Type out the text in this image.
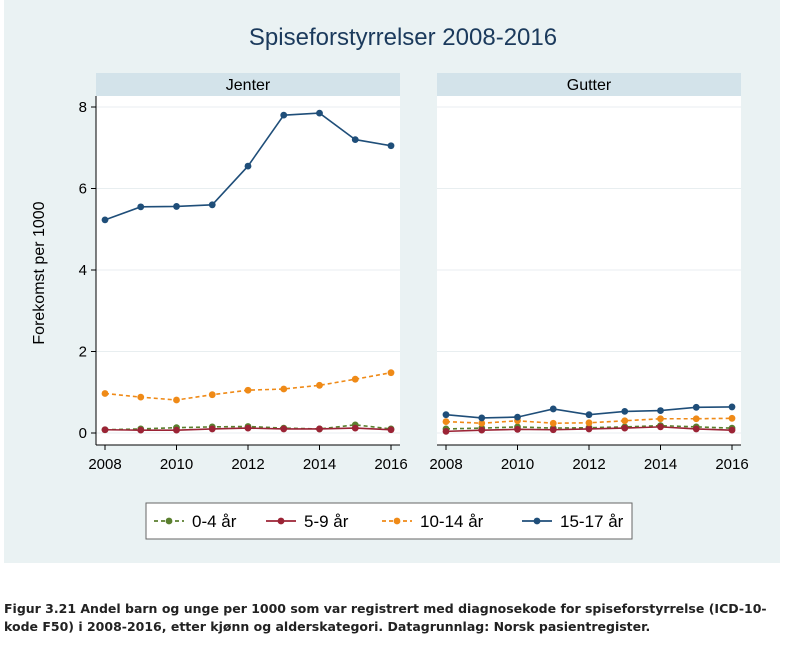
Spiseforstyrrelser 2008-2016
Forekomst per 1000
Jenter
0
2
4
6
8
2008	2010	2012	2014	2016
Gutter
2008	2010	2012	2014	2016
0-4 år	5-9 år	10-14 år	15-17 år
Figur 3.21 Andel barn og unge per 1000 som var registrert med diagnosekode for spiseforstyrrelse (ICD-10-
kode F50) i 2008-2016, etter kjønn og alderskategori. Datagrunnlag: Norsk pasientregister.
